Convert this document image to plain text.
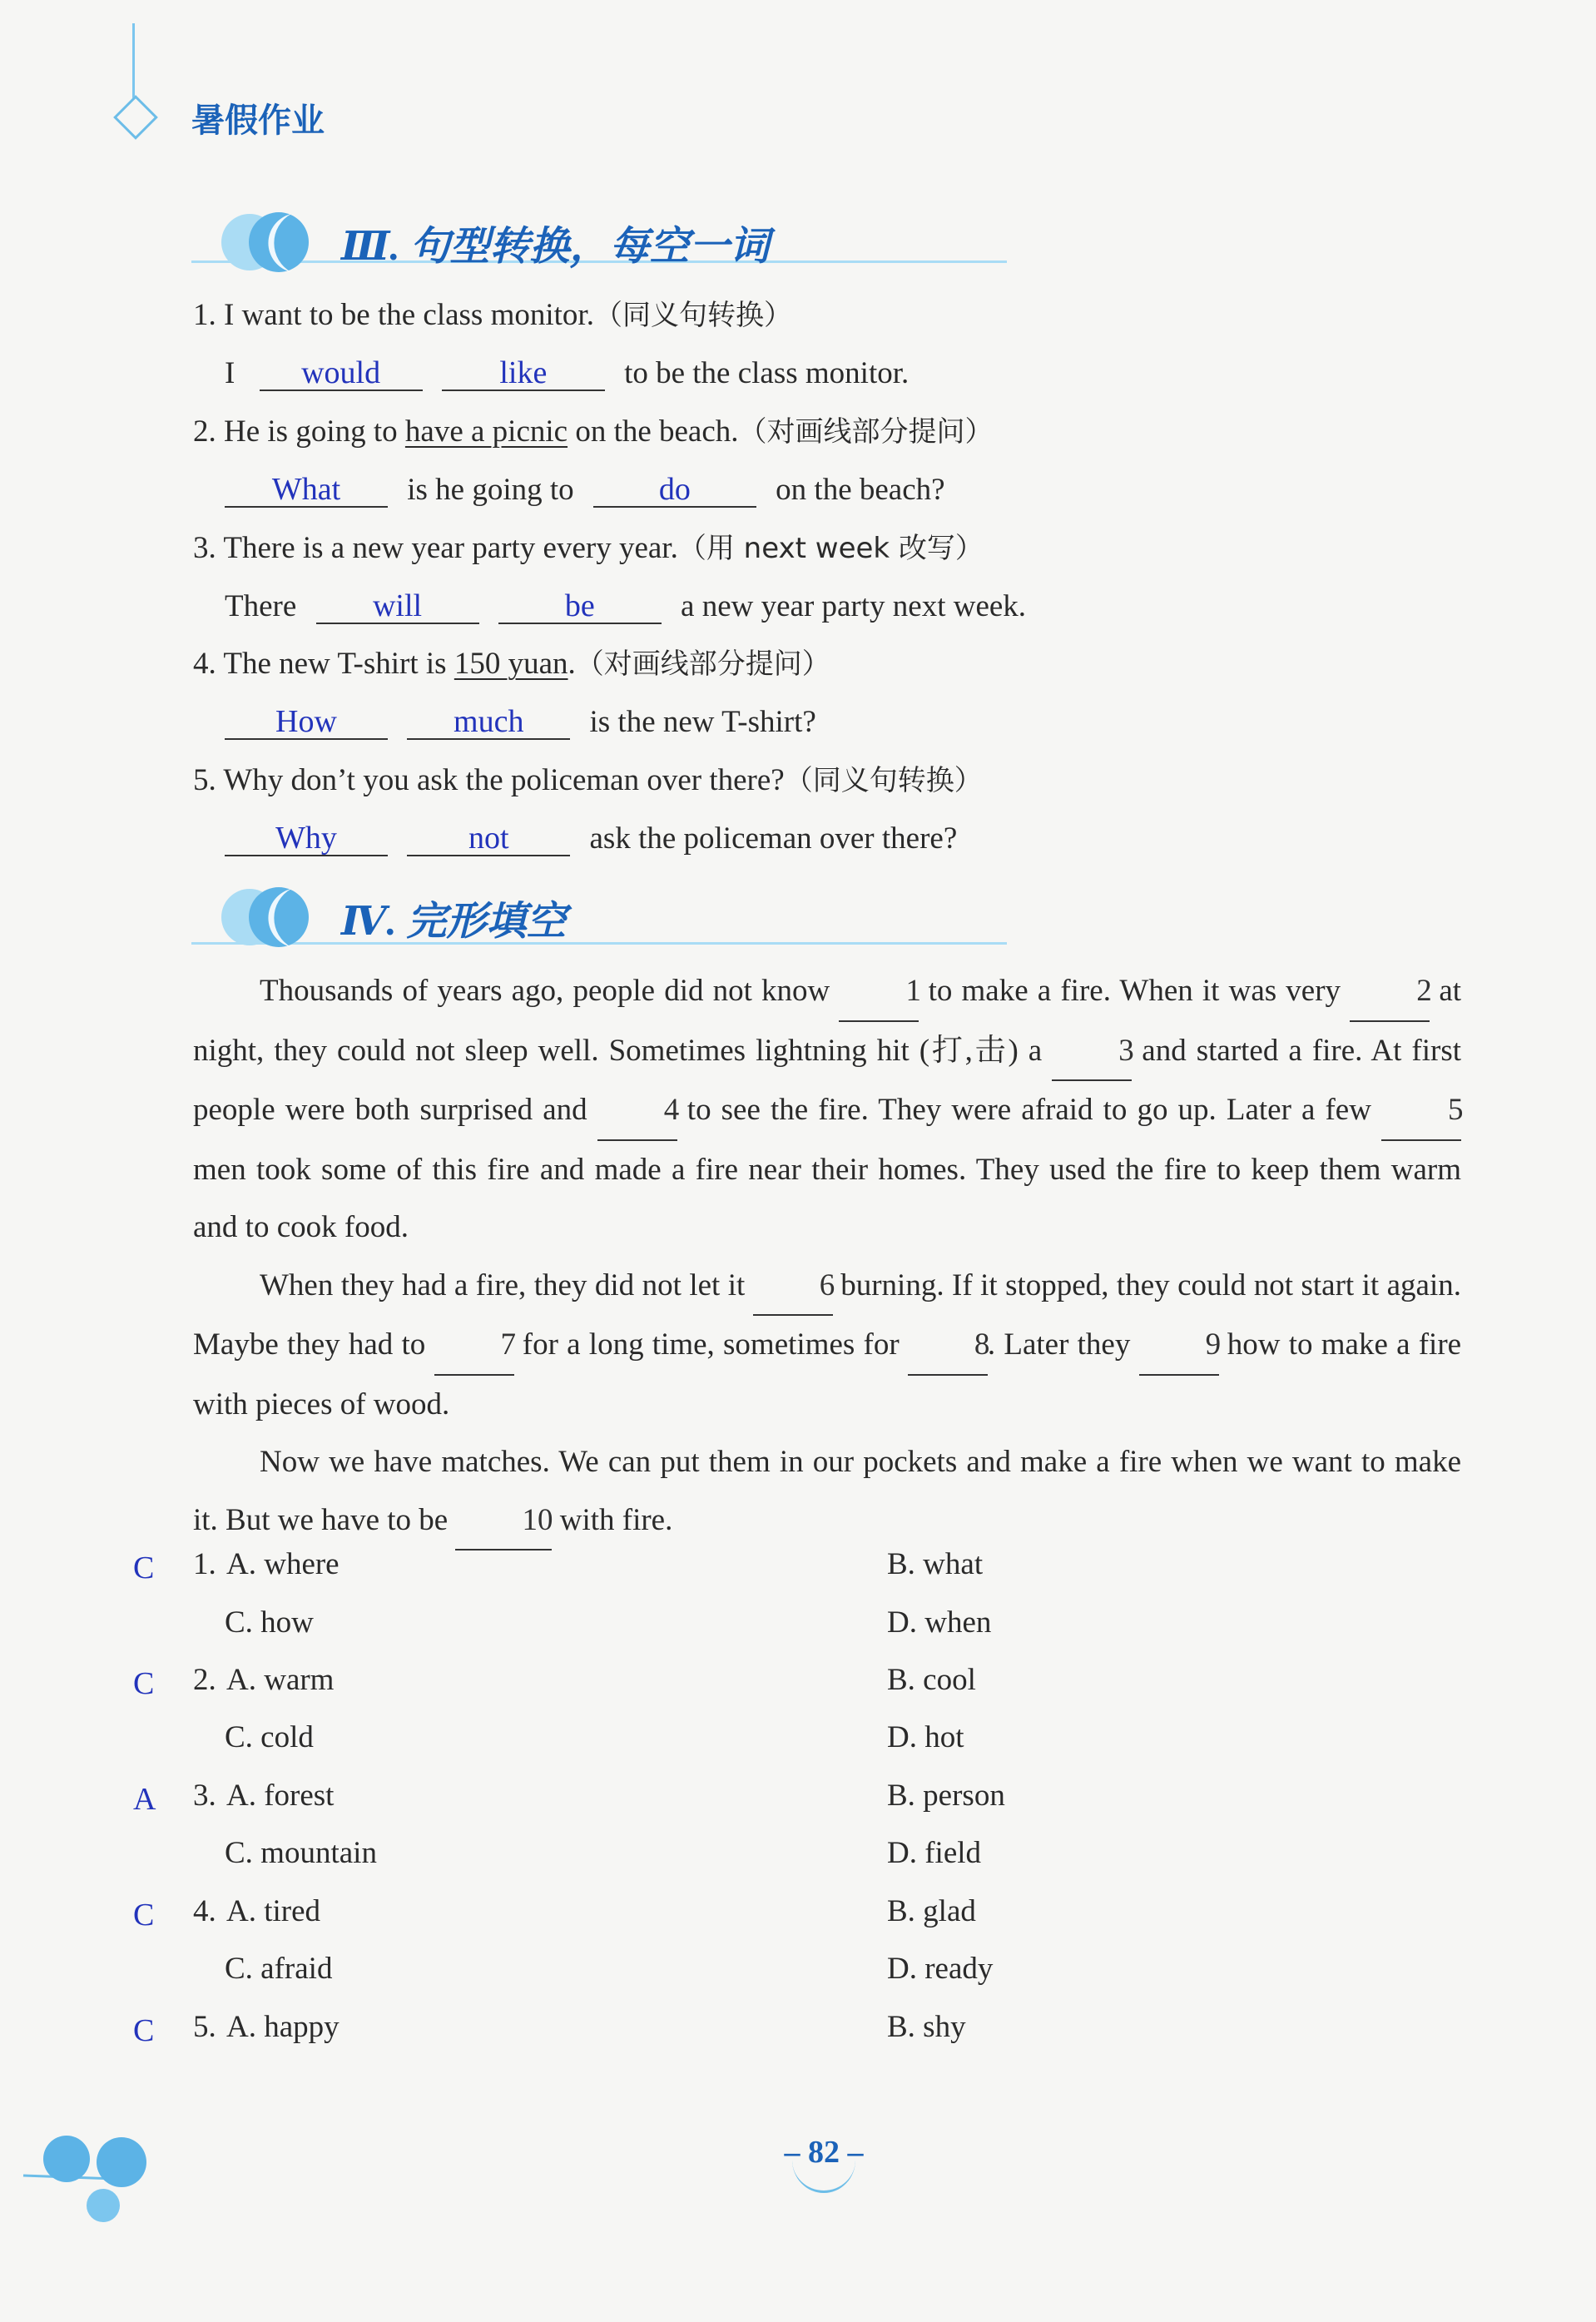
暑假作业
Ⅲ. 句型转换，每空一词
1. I want to be the class monitor.（同义句转换）
I would	like	to be the class monitor.
2. He is going to have a picnic on the beach.（对画线部分提问）
What is he going to	do	on the beach?
3. There is a new year party every year.（用 next week 改写）
There will	be	a new year party next week.
4. The new T-shirt is 150 yuan.（对画线部分提问）
How	much is the new T-shirt?
5. Why don’t you ask the policeman over there?（同义句转换）
Why	not	ask the policeman over there?
Ⅳ. 完形填空

Thousands of years ago, people did not know 1 to make a fire. When it was very 2 at night, they could not sleep well. Sometimes lightning hit (打,击) a 3 and started a fire. At first people were both surprised and 4 to see the fire. They were afraid to go up. Later a few 5 men took some of this fire and made a fire near their homes. They used the fire to keep them warm and to cook food.

When they had a fire, they did not let it 6 burning. If it stopped, they could not start it again. Maybe they had to 7 for a long time, sometimes for 8. Later they 9 how to make a fire with pieces of wood.

Now we have matches. We can put them in our pockets and make a fire when we want to make it. But we have to be 10 with fire.

C 1. A. where	B. what
C. how	D. when
C 2. A. warm	B. cool
C. cold	D. hot
A 3. A. forest	B. person
C. mountain	D. field
C 4. A. tired	B. glad
C. afraid	D. ready
C 5. A. happy	B. shy
– 82 –
